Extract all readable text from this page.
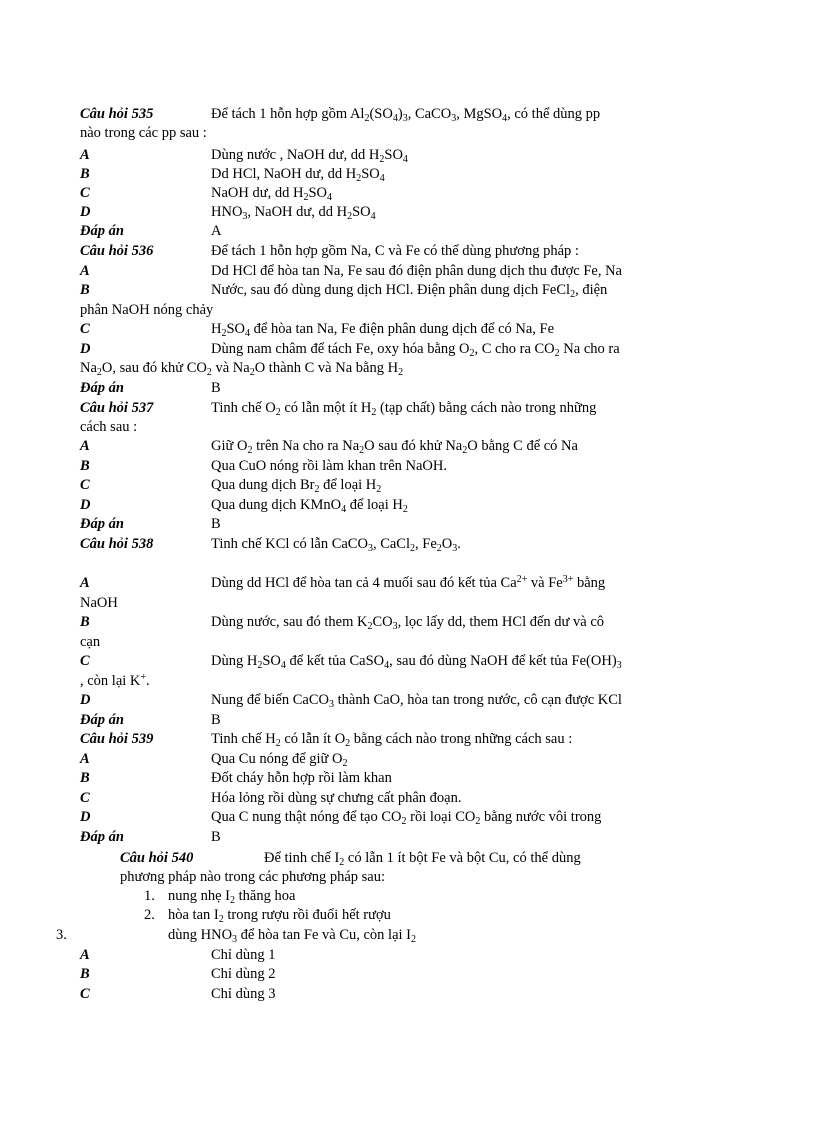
Câu hỏi 535	Để tách 1 hỗn hợp gồm $Al_2(SO_4)_3$, CaCO$_3$, MgSO$_4$, có thể dùng pp
nào trong các pp sau :
A	Dùng nước , NaOH dư, dd $H_2SO_4$
B	Dd HCl, NaOH dư, dd $H_2SO_4$
C	NaOH dư, dd $H_2SO_4$
D	$HNO_3$, NaOH dư, dd $H_2SO_4$
Đáp án	A
Câu hỏi 536	Để tách 1 hỗn hợp gồm Na, C và Fe có thể dùng phương pháp :
A	Dd HCl để hòa tan Na, Fe sau đó điện phân dung dịch thu được Fe, Na
B	Nước, sau đó dùng dung dịch HCl. Điện phân dung dịch FeCl$_2$, điện
phân NaOH nóng chảy
C	$H_2SO_4$ để hòa tan Na, Fe điện phân dung dịch để có Na, Fe
D	Dùng nam châm để tách Fe, oxy hóa bằng $O_2$, C cho ra $CO_2$ Na cho ra
$Na_2O$, sau đó khử $CO_2$ và $Na_2O$ thành C và Na bằng $H_2$
Đáp án	B
Câu hỏi 537	Tinh chế $O_2$ có lẫn một ít $H_2$ (tạp chất) bằng cách nào trong những
cách sau :
A	Giữ $O_2$ trên Na cho ra $Na_2O$ sau đó khử $Na_2O$ bằng C để có Na
B	Qua CuO nóng rồi làm khan trên NaOH.
C	Qua dung dịch $Br_2$ để loại $H_2$
D	Qua dung dịch KMnO$_4$ để loại $H_2$
Đáp án	B
Câu hỏi 538	Tinh chế KCl có lẫn CaCO$_3$, CaCl$_2$, $Fe_2O_3$.
A	Dùng dd HCl để hòa tan cả 4 muối sau đó kết tủa $Ca^{2+}$ và $Fe^{3+}$ bằng
NaOH
B	Dùng nước, sau đó them $K_2CO_3$, lọc lấy dd, them HCl đến dư và cô
cạn
C	Dùng $H_2SO_4$ để kết tủa CaSO$_4$, sau đó dùng NaOH để kết tủa $Fe(OH)_3$
, còn lại K+.
D	Nung để biến CaCO$_3$ thành CaO, hòa tan trong nước, cô cạn được KCl
Đáp án	B
Câu hỏi 539	Tinh chế $H_2$ có lẫn ít $O_2$ bằng cách nào trong những cách sau :
A	Qua Cu nóng để giữ $O_2$
B	Đốt cháy hỗn hợp rồi làm khan
C	Hóa lỏng rồi dùng sự chưng cất phân đoạn.
D	Qua C nung thật nóng để tạo $CO_2$ rồi loại $CO_2$ bằng nước vôi trong
Đáp án	B
Câu hỏi 540	Để tinh chế $I_2$ có lẫn 1 ít bột Fe và bột Cu, có thể dùng
phương pháp nào trong các phương pháp sau:
1. nung nhẹ $I_2$ thăng hoa
2. hòa $\tan I_2$ trong rượu rồi đuổi hết rượu
3.	dùng $HNO_3$ để hòa tan Fe và Cu, còn lại $I_2$
A	Chỉ dùng 1
B	Chỉ dùng 2
C	Chỉ dùng 3
